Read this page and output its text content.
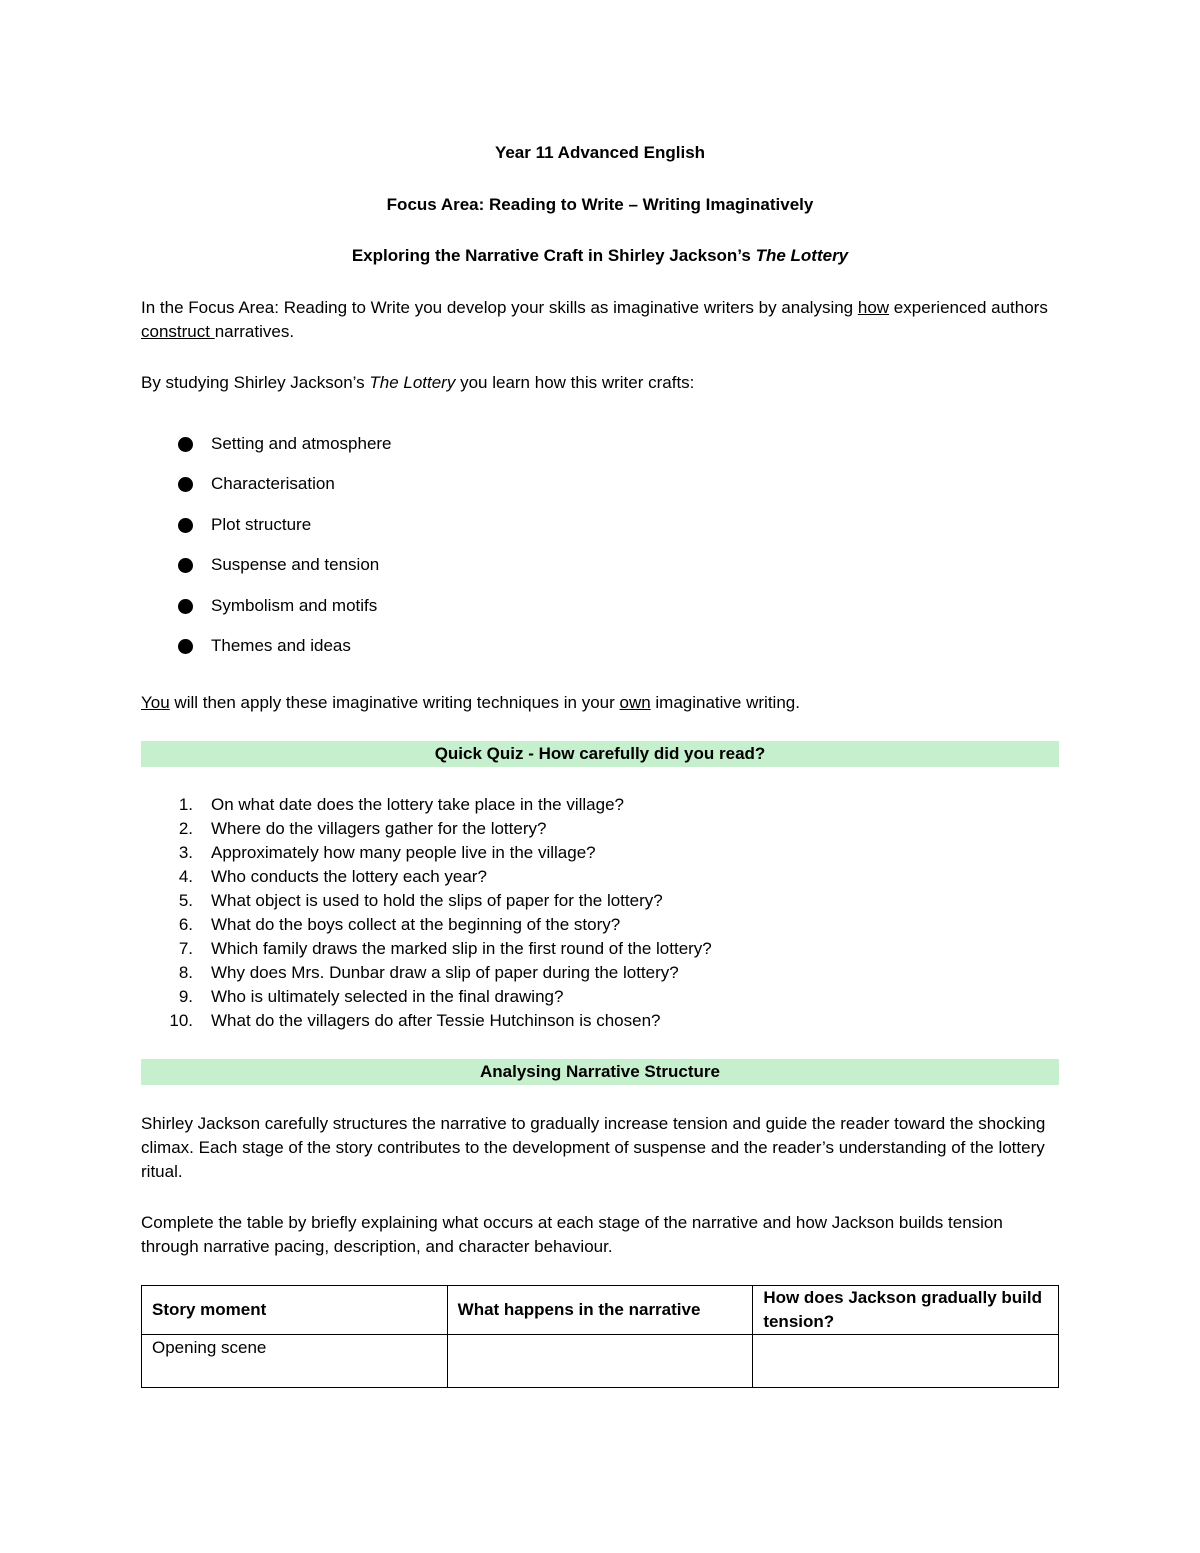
Year 11 Advanced English
Focus Area: Reading to Write – Writing Imaginatively
Exploring the Narrative Craft in Shirley Jackson’s The Lottery
In the Focus Area: Reading to Write you develop your skills as imaginative writers by analysing how experienced authors construct narratives.
By studying Shirley Jackson’s The Lottery you learn how this writer crafts:
Setting and atmosphere
Characterisation
Plot structure
Suspense and tension
Symbolism and motifs
Themes and ideas
You will then apply these imaginative writing techniques in your own imaginative writing.
Quick Quiz - How carefully did you read?
1. On what date does the lottery take place in the village?
2. Where do the villagers gather for the lottery?
3. Approximately how many people live in the village?
4. Who conducts the lottery each year?
5. What object is used to hold the slips of paper for the lottery?
6. What do the boys collect at the beginning of the story?
7. Which family draws the marked slip in the first round of the lottery?
8. Why does Mrs. Dunbar draw a slip of paper during the lottery?
9. Who is ultimately selected in the final drawing?
10. What do the villagers do after Tessie Hutchinson is chosen?
Analysing Narrative Structure
Shirley Jackson carefully structures the narrative to gradually increase tension and guide the reader toward the shocking climax. Each stage of the story contributes to the development of suspense and the reader’s understanding of the lottery ritual.
Complete the table by briefly explaining what occurs at each stage of the narrative and how Jackson builds tension through narrative pacing, description, and character behaviour.
Story moment	What happens in the narrative	How does Jackson gradually build tension?
Opening scene		
